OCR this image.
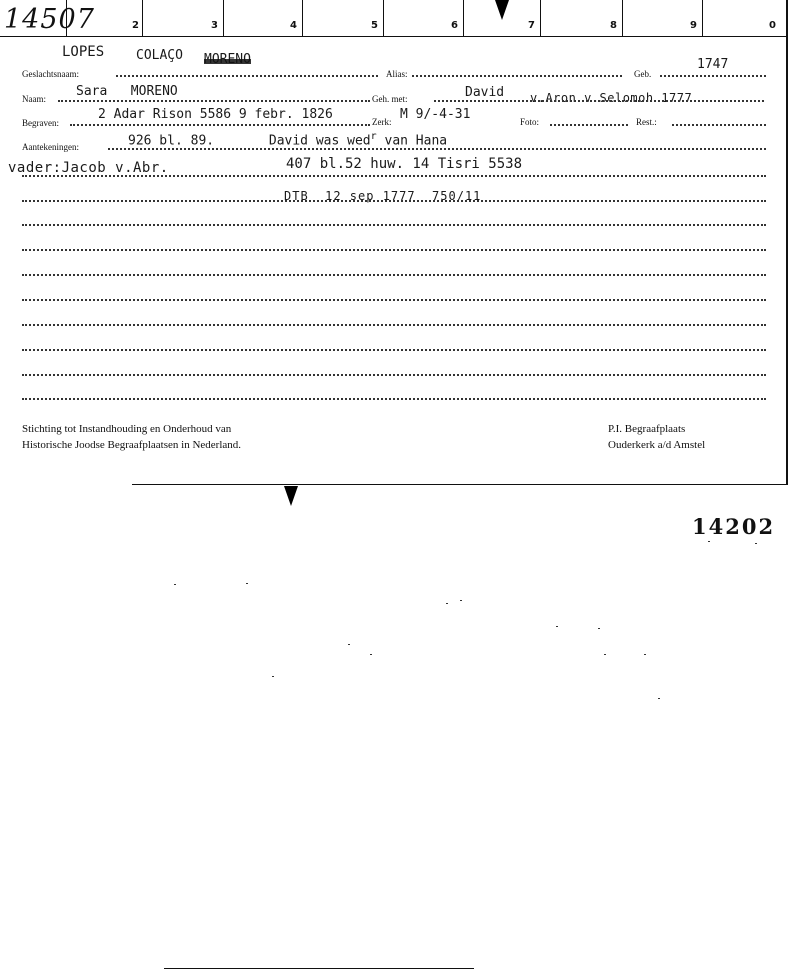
14507	2	3	4	5	6	7	8	9	0
LOPES COLAÇO $_{MORENO}$
Geslachtsnaam:	Alias:	Geb.
1747
Naam: Sara   MORENO	Geh. met:	David v.Aron v.Selomoh 1777
Begraven:
2 Adar Rison 5586 9 febr. 1826	Zerk: M 9/-4-31	Foto:	Rest.:
Aantekeningen:	926 bl. 89.       David was wed$^r$ van Hana
vader:Jacob v.Abr.	407 bl.52 huw. 14 Tisri 5538
DTB  12 sep 1777  750/11
Stichting tot Instandhouding en Onderhoud van
Historische Joodse Begraafplaatsen in Nederland.
P.I. Begraafplaats
Ouderkerk a/d Amstel
14202
